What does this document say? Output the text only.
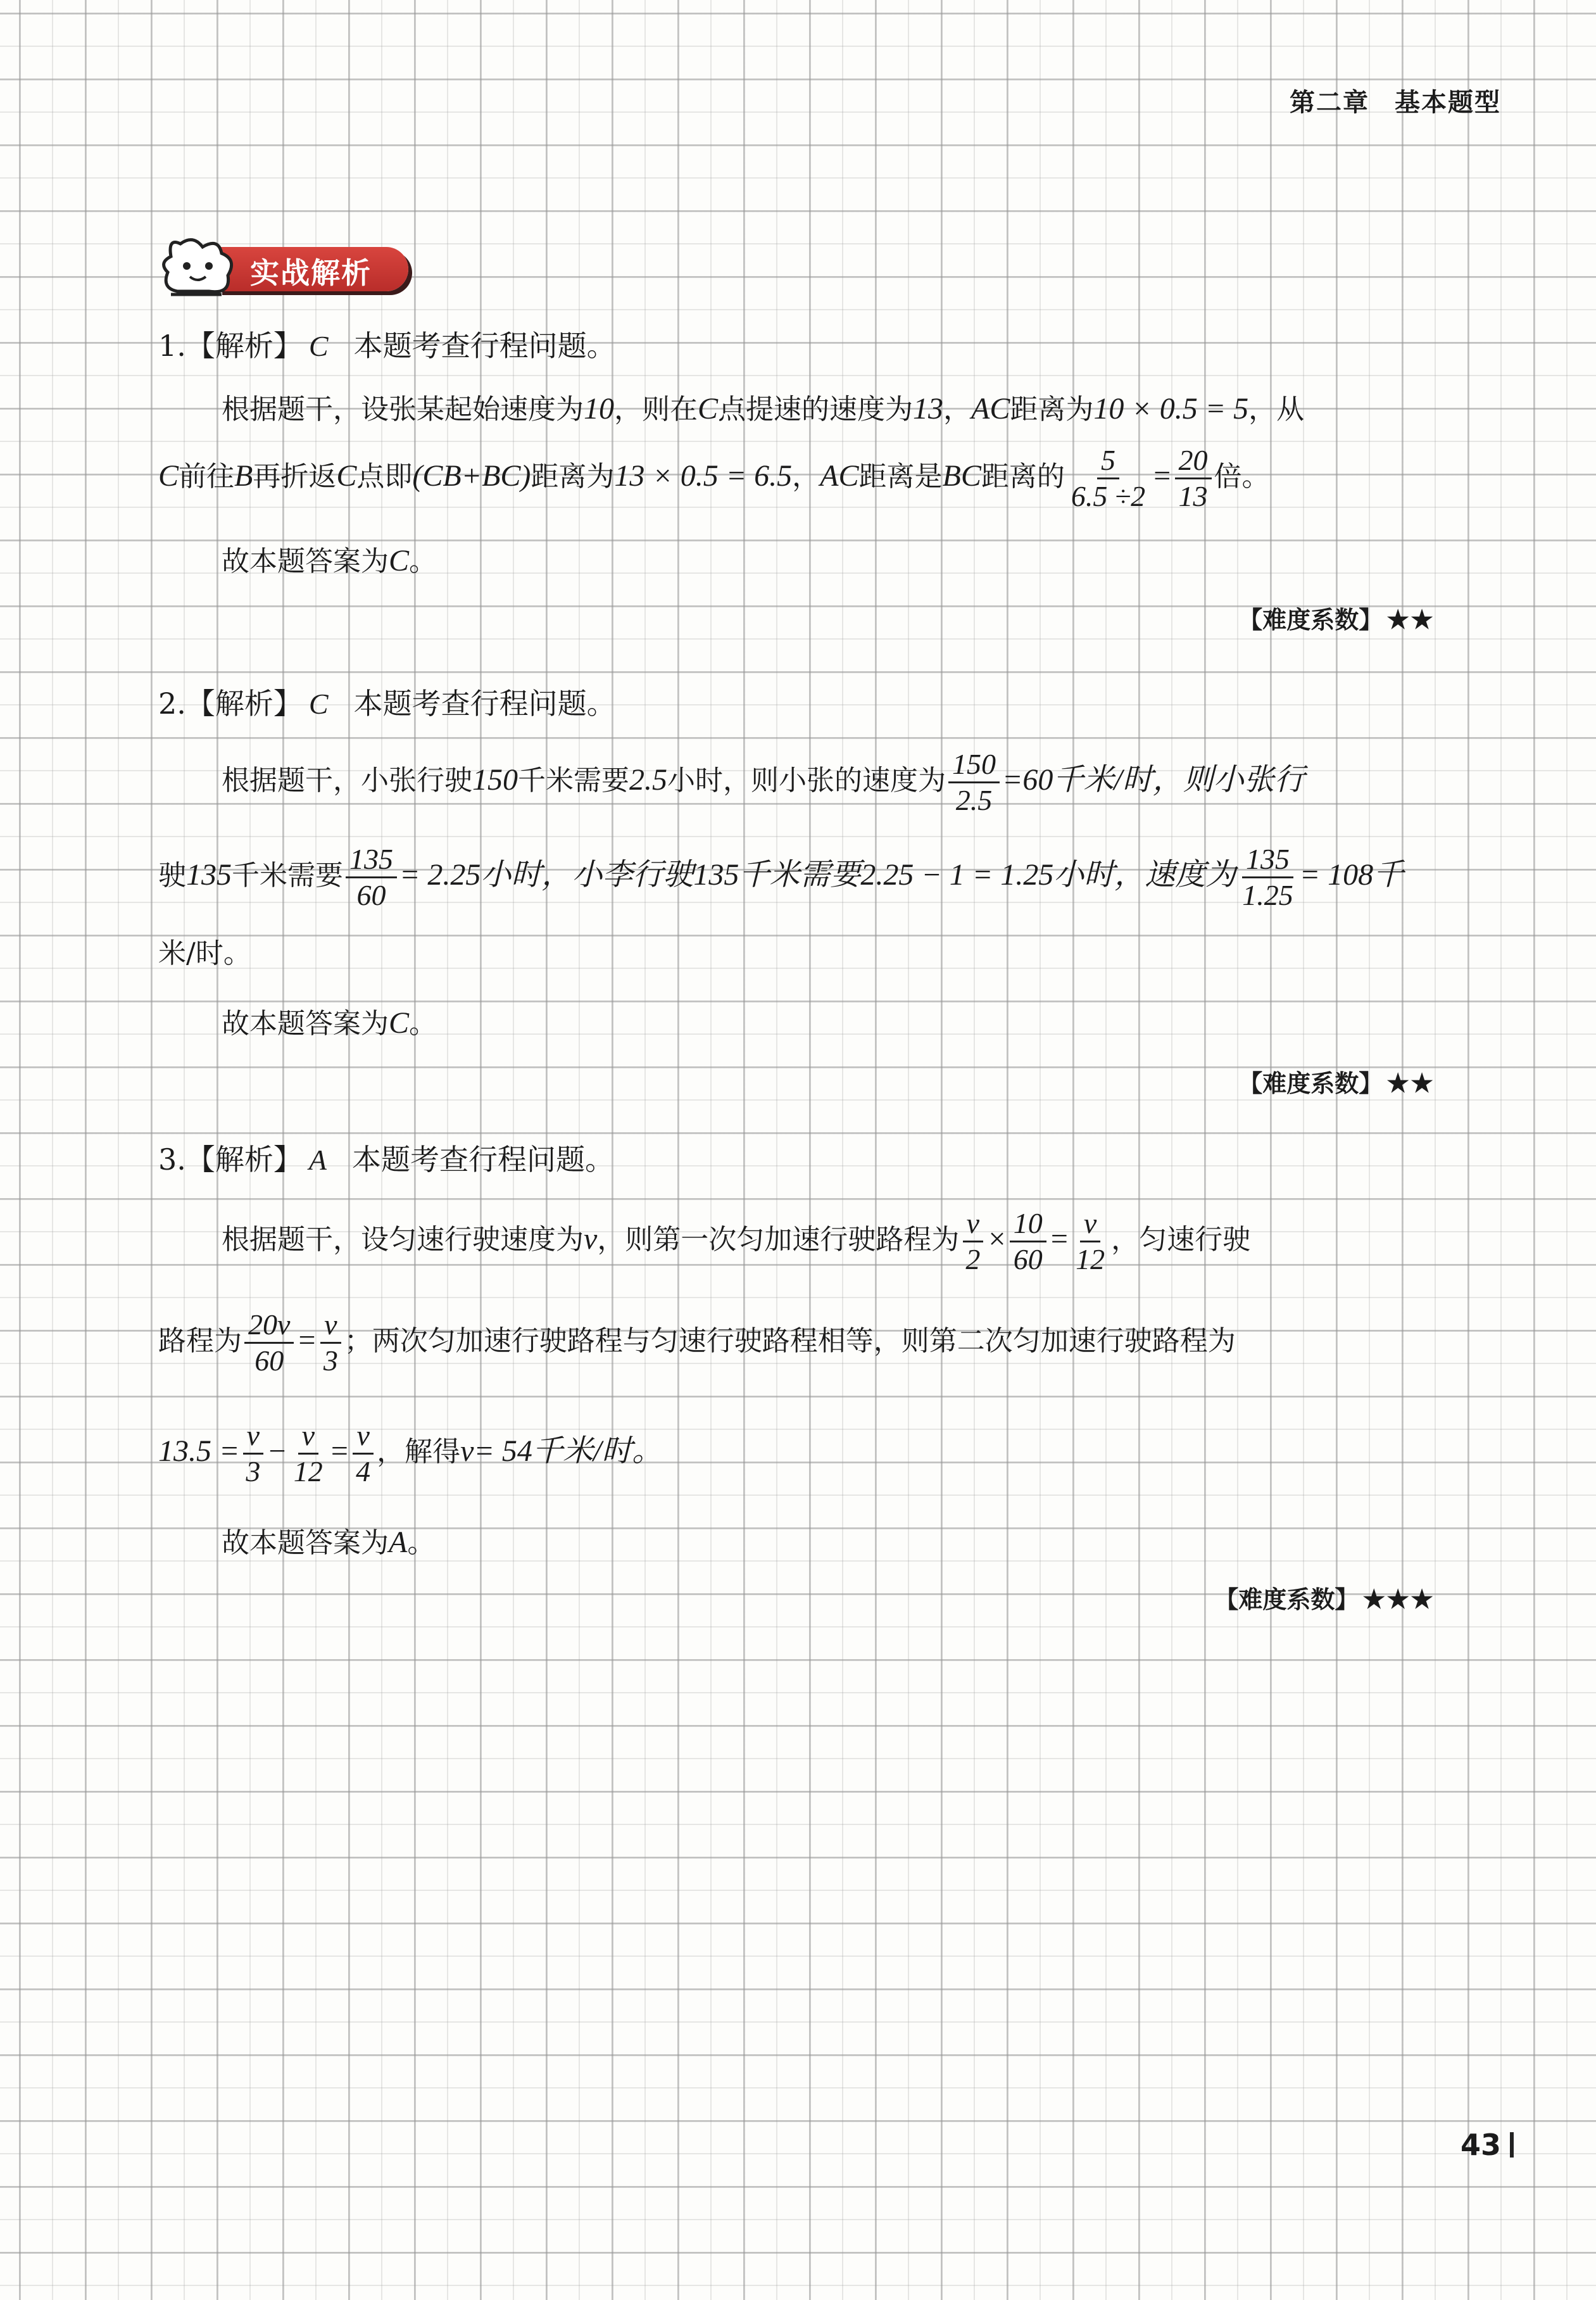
第二章 基本题型
实战解析
1.【解析】 C 本题考查行程问题。
根据题干，设张某起始速度为10，则在C点提速的速度为13，AC距离为10 × 0.5 = 5，从
C前往B再折返C点即(CB+BC)距离为13 × 0.5 = 6.5，AC距离是BC距离的 $\frac{5}{6.5 \div 2} = \frac{20}{13}$ 倍。
故本题答案为C。
【难度系数】 ★★
2.【解析】 C 本题考查行程问题。
根据题干，小张行驶150千米需要2.5小时，则小张的速度为 $\frac{150}{2.5} =60$千米/时，则小张行
驶135千米需要 $\frac{135}{60} = 2.25$小时，小李行驶135千米需要2.25 − 1 = 1.25小时，速度为 $\frac{135}{1.25} = 108$千
米/时。
故本题答案为C。
【难度系数】 ★★
3.【解析】 A 本题考查行程问题。
根据题干，设匀速行驶速度为v，则第一次匀加速行驶路程为 $\frac{v}{2} \times \frac{10}{60} = \frac{v}{12}$ ，匀速行驶
路程为 $\frac{20v}{60} = \frac{v}{3}$ ；两次匀加速行驶路程与匀速行驶路程相等，则第二次匀加速行驶路程为
$13.5 = \frac{v}{3} - \frac{v}{12} = \frac{v}{4}$ ，解得v= 54千米/时。
故本题答案为A。
【难度系数】 ★★★
43
